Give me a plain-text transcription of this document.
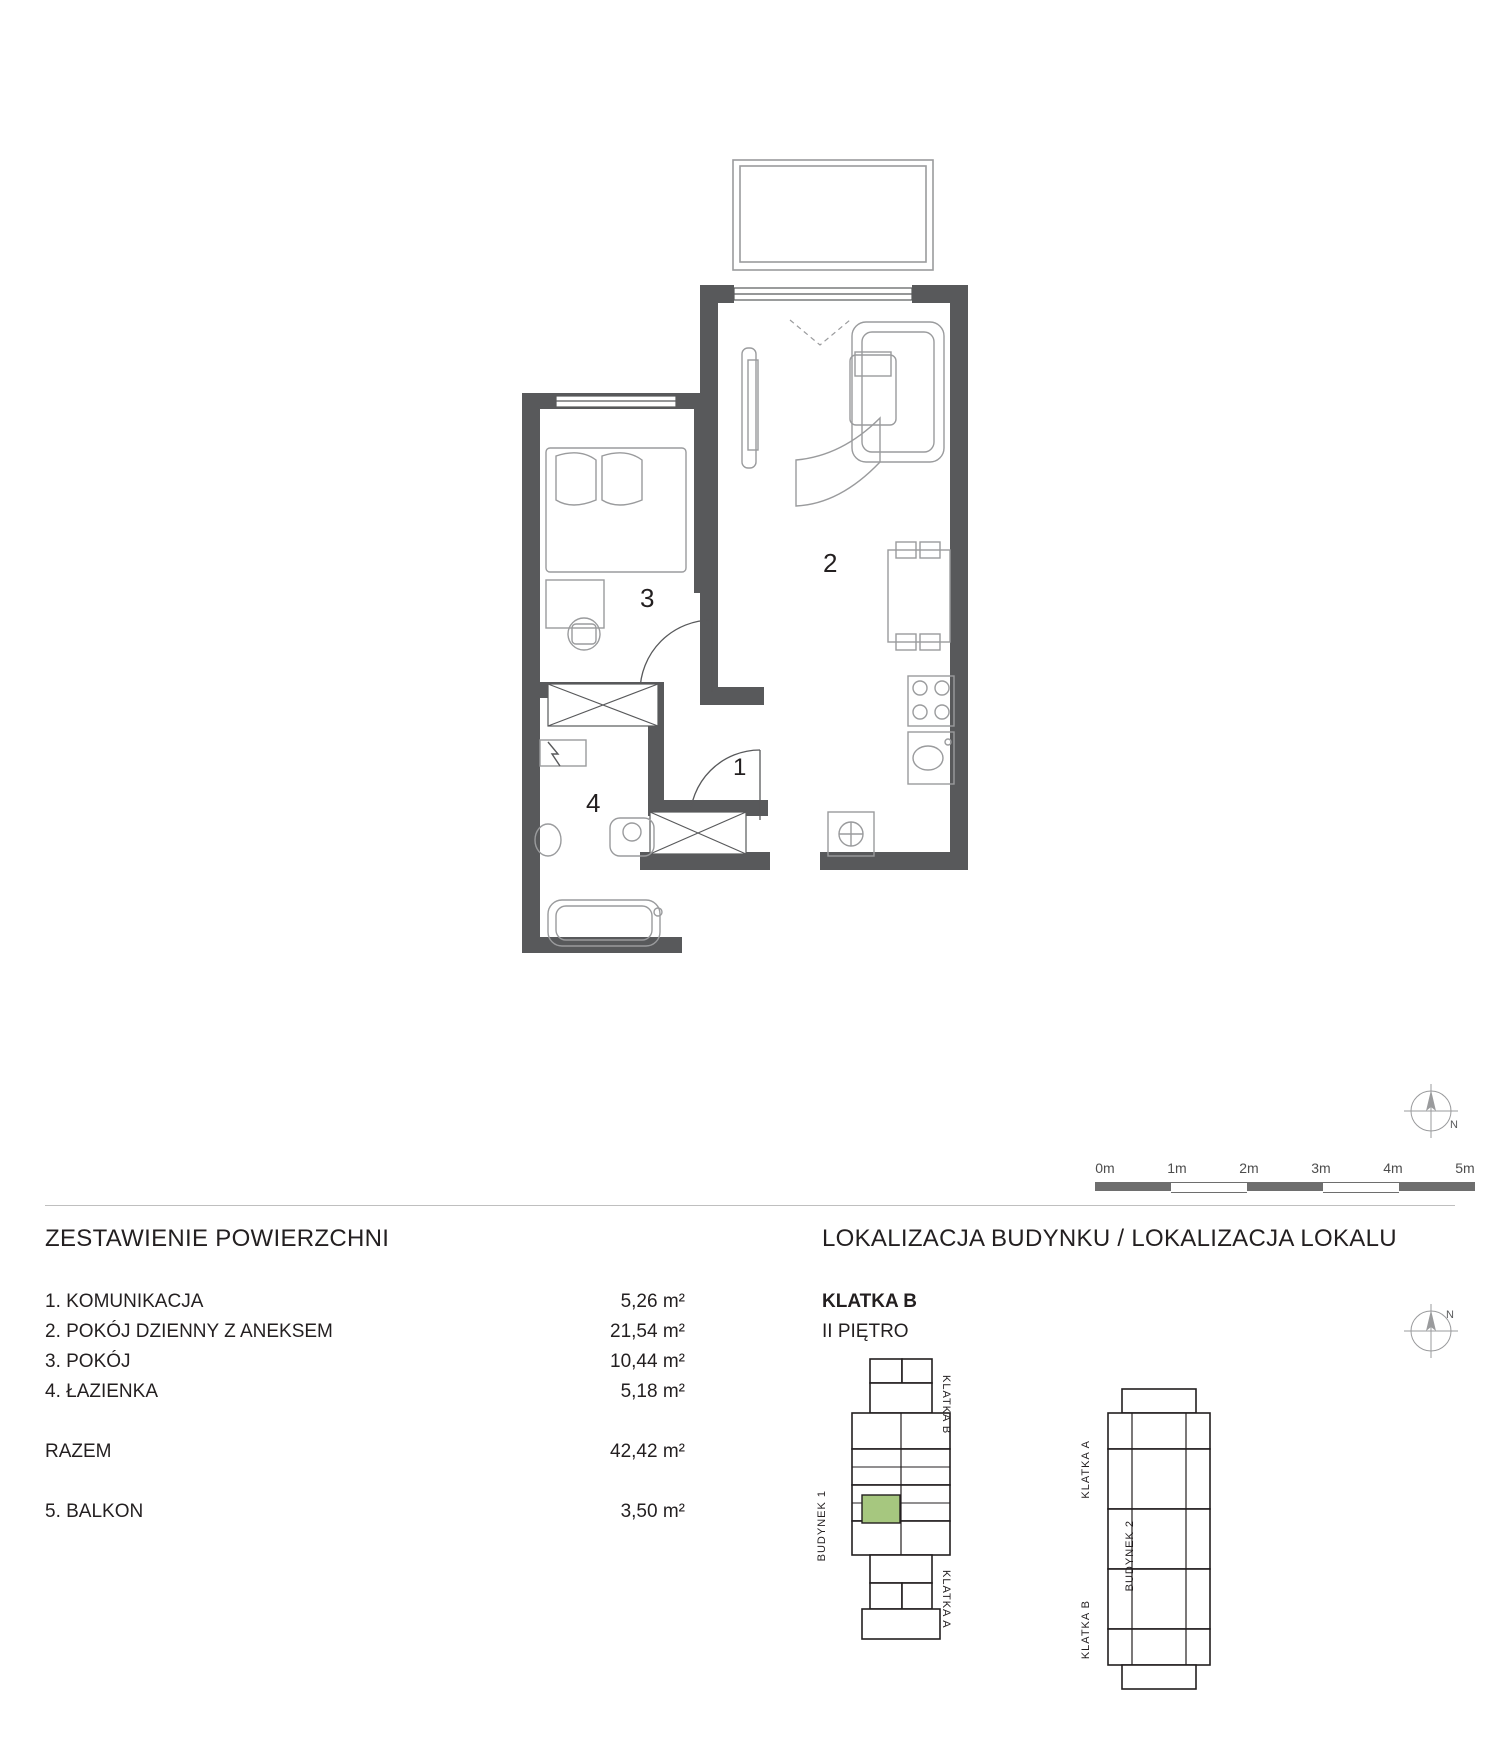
1
2
3
4
N
0m	1m	2m	3m	4m	5m
ZESTAWIENIE POWIERZCHNI
1. KOMUNIKACJA	5,26 m²
2. POKÓJ DZIENNY Z ANEKSEM	21,54 m²
3. POKÓJ	10,44 m²
4. ŁAZIENKA	5,18 m²
RAZEM	42,42 m²
5. BALKON	3,50 m²
LOKALIZACJA BUDYNKU / LOKALIZACJA LOKALU
KLATKA B
II PIĘTRO
N
BUDYNEK 1
KLATKA A
KLATKA B
BUDYNEK 2
KLATKA A
KLATKA B
